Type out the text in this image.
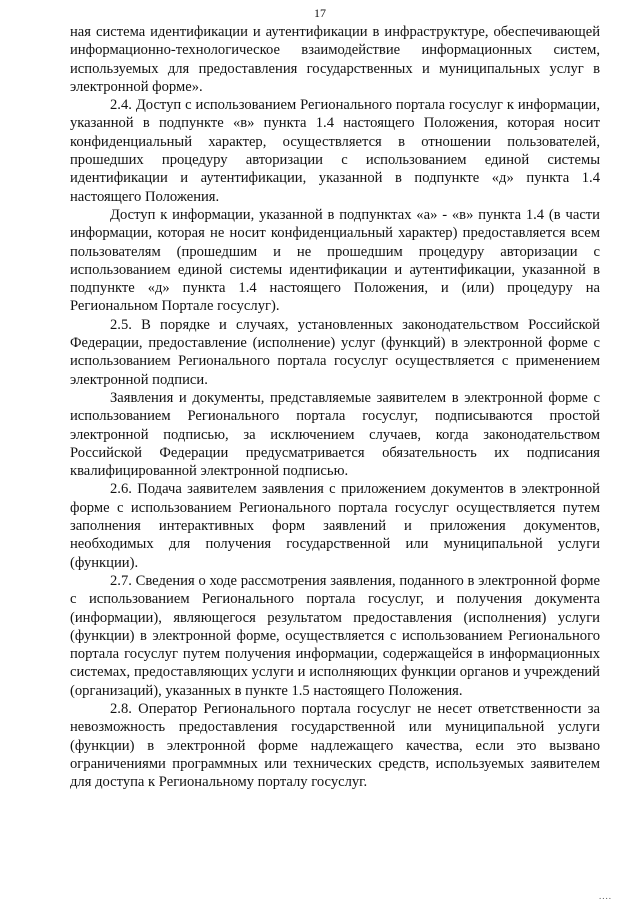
17

ная система идентификации и аутентификации в инфраструктуре, обеспечивающей информационно-технологическое взаимодействие информационных систем, используемых для предоставления государственных и муниципальных услуг в электронной форме».

2.4. Доступ с использованием Регионального портала госуслуг к информации, указанной в подпункте «в» пункта 1.4 настоящего Положения, которая носит конфиденциальный характер, осуществляется в отношении пользователей, прошедших процедуру авторизации с использованием единой системы идентификации и аутентификации, указанной в подпункте «д» пункта 1.4 настоящего Положения.

Доступ к информации, указанной в подпунктах «а» - «в» пункта 1.4 (в части информации, которая не носит конфиденциальный характер) предоставляется всем пользователям (прошедшим и не прошедшим процедуру авторизации с использованием единой системы идентификации и аутентификации, указанной в подпункте «д» пункта 1.4 настоящего Положения, и (или) процедуру на Региональном Портале госуслуг).

2.5. В порядке и случаях, установленных законодательством Российской Федерации, предоставление (исполнение) услуг (функций) в электронной форме с использованием Регионального портала госуслуг осуществляется с применением электронной подписи.

Заявления и документы, представляемые заявителем в электронной форме с использованием Регионального портала госуслуг, подписываются простой электронной подписью, за исключением случаев, когда законодательством Российской Федерации предусматривается обязательность их подписания квалифицированной электронной подписью.

2.6. Подача заявителем заявления с приложением документов в электронной форме с использованием Регионального портала госуслуг осуществляется путем заполнения интерактивных форм заявлений и приложения документов, необходимых для получения государственной или муниципальной услуги (функции).

2.7. Сведения о ходе рассмотрения заявления, поданного в электронной форме с использованием Регионального портала госуслуг, и получения документа (информации), являющегося результатом предоставления (исполнения) услуги (функции) в электронной форме, осуществляется с использованием Регионального портала госуслуг путем получения информации, содержащейся в информационных системах, предоставляющих услуги и исполняющих функции органов и учреждений (организаций), указанных в пункте 1.5 настоящего Положения.

2.8. Оператор Регионального портала госуслуг не несет ответственности за невозможность предоставления государственной или муниципальной услуги (функции) в электронной форме надлежащего качества, если это вызвано ограничениями программных или технических средств, используемых заявителем для доступа к Региональному порталу госуслуг.

....
